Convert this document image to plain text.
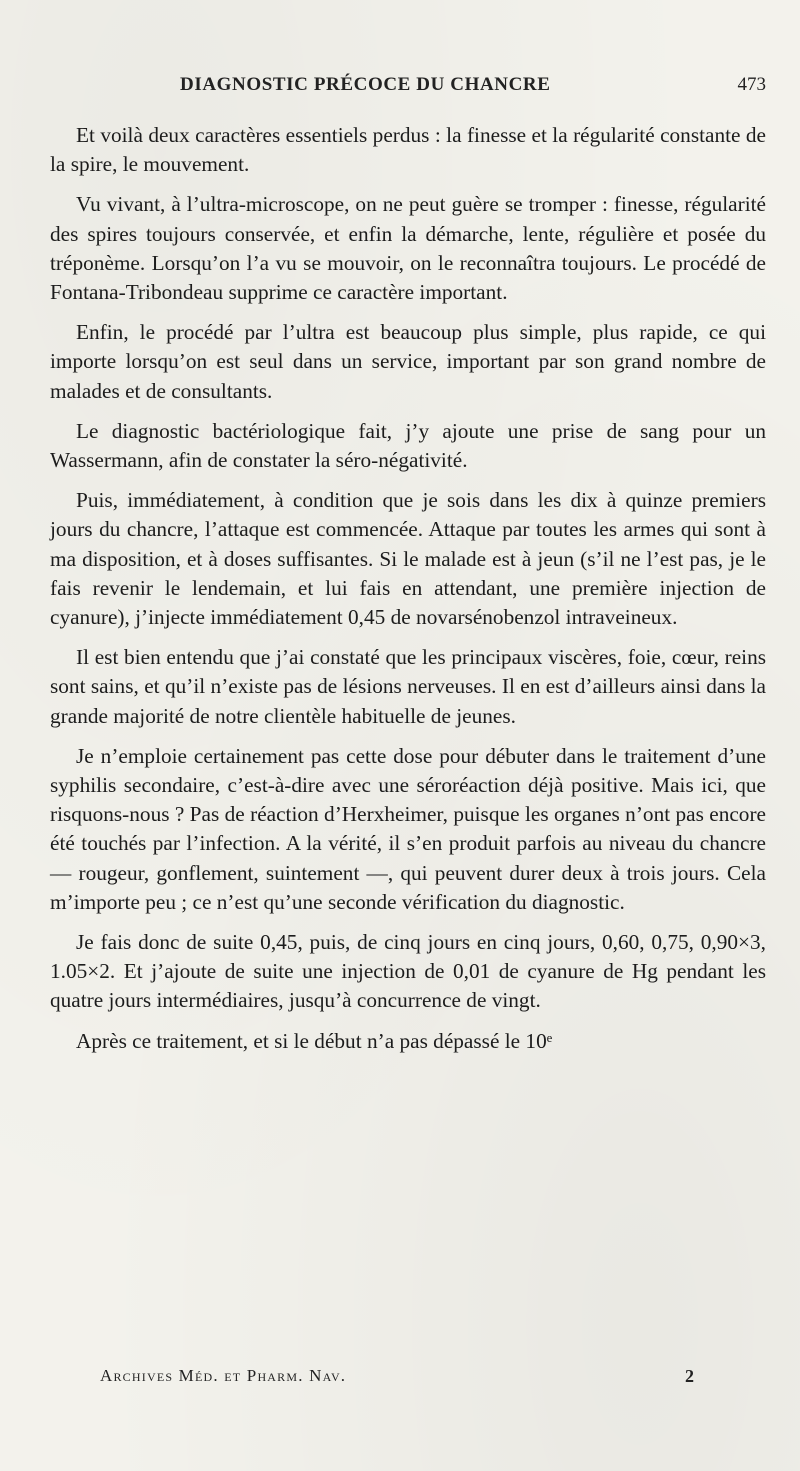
DIAGNOSTIC PRÉCOCE DU CHANCRE	473

Et voilà deux caractères essentiels perdus : la finesse et la régularité constante de la spire, le mouvement.

Vu vivant, à l’ultra-microscope, on ne peut guère se tromper : finesse, régularité des spires toujours conservée, et enfin la démarche, lente, régulière et posée du tréponème. Lorsqu’on l’a vu se mouvoir, on le reconnaîtra toujours. Le procédé de Fontana-Tribondeau supprime ce caractère important.

Enfin, le procédé par l’ultra est beaucoup plus simple, plus rapide, ce qui importe lorsqu’on est seul dans un service, important par son grand nombre de malades et de consultants.

Le diagnostic bactériologique fait, j’y ajoute une prise de sang pour un Wassermann, afin de constater la séro-négativité.

Puis, immédiatement, à condition que je sois dans les dix à quinze premiers jours du chancre, l’attaque est commencée. Attaque par toutes les armes qui sont à ma disposition, et à doses suffisantes. Si le malade est à jeun (s’il ne l’est pas, je le fais revenir le lendemain, et lui fais en attendant, une première injection de cyanure), j’injecte immédiatement 0,45 de novarsénobenzol intraveineux.

Il est bien entendu que j’ai constaté que les principaux viscères, foie, cœur, reins sont sains, et qu’il n’existe pas de lésions nerveuses. Il en est d’ailleurs ainsi dans la grande majorité de notre clientèle habituelle de jeunes.

Je n’emploie certainement pas cette dose pour débuter dans le traitement d’une syphilis secondaire, c’est-à-dire avec une séroréaction déjà positive. Mais ici, que risquons-nous ? Pas de réaction d’Herxheimer, puisque les organes n’ont pas encore été touchés par l’infection. A la vérité, il s’en produit parfois au niveau du chancre — rougeur, gonflement, suintement —, qui peuvent durer deux à trois jours. Cela m’importe peu ; ce n’est qu’une seconde vérification du diagnostic.

Je fais donc de suite 0,45, puis, de cinq jours en cinq jours, 0,60, 0,75, 0,90×3, 1.05×2. Et j’ajoute de suite une injection de 0,01 de cyanure de Hg pendant les quatre jours intermédiaires, jusqu’à concurrence de vingt.

Après ce traitement, et si le début n’a pas dépassé le 10ᵉ

Archives Méd. et Pharm. Nav.	2
